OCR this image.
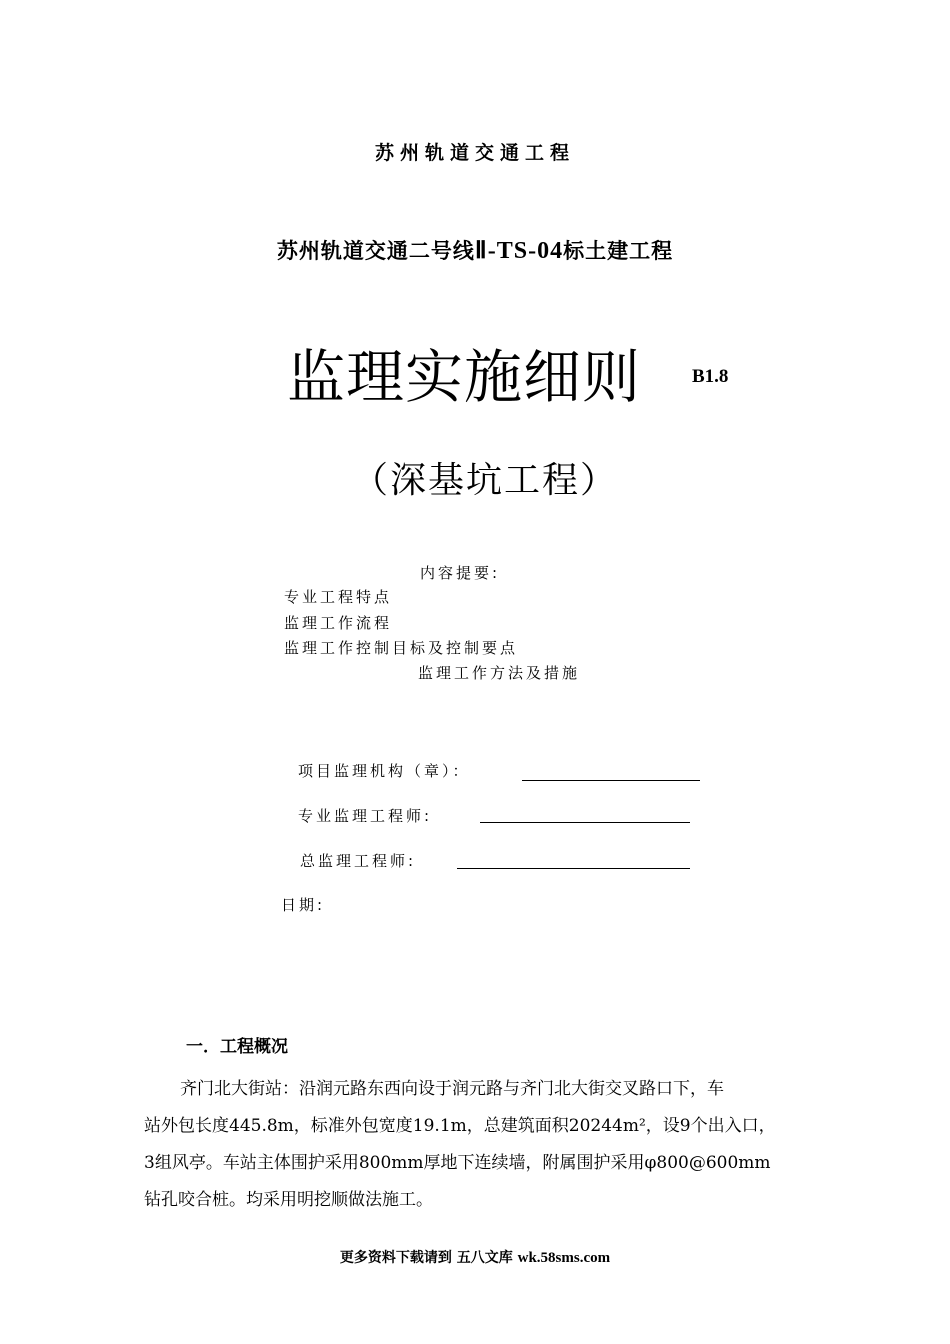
苏州轨道交通工程
苏州轨道交通二号线Ⅱ-TS-04标土建工程
监理实施细则	B1.8
（深基坑工程）
内容提要:
专业工程特点
监理工作流程
监理工作控制目标及控制要点
监理工作方法及措施
项目监理机构（章）：
专业监理工程师:
总监理工程师:
日期:
一．工程概况
齐门北大街站：沿润元路东西向设于润元路与齐门北大街交叉路口下，车
站外包长度445.8m，标准外包宽度19.1m，总建筑面积20244m²，设9个出入口，
3组风亭。车站主体围护采用800mm厚地下连续墙，附属围护采用φ800@600mm
钻孔咬合桩。均采用明挖顺做法施工。
更多资料下载请到 五八文库 wk.58sms.com
